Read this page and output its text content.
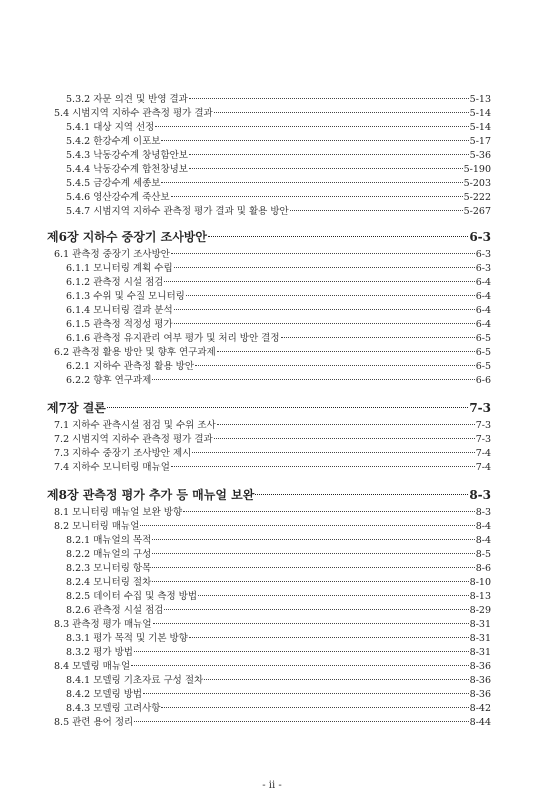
5.3.2 자문 의견 및 반영 결과	5-13
5.4 시범지역 지하수 관측정 평가 결과	5-14
5.4.1 대상 지역 선정	5-14
5.4.2 한강수계 이포보	5-17
5.4.3 낙동강수계 창녕함안보	5-36
5.4.4 낙동강수계 합천창녕보	5-190
5.4.5 금강수계 세종보	5-203
5.4.6 영산강수계 죽산보	5-222
5.4.7 시범지역 지하수 관측정 평가 결과 및 활용 방안	5-267
제6장 지하수 중장기 조사방안	6-3
6.1 관측정 중장기 조사방안	6-3
6.1.1 모니터링 계획 수립	6-3
6.1.2 관측정 시설 점검	6-4
6.1.3 수위 및 수질 모니터링	6-4
6.1.4 모니터링 결과 분석	6-4
6.1.5 관측정 적정성 평가	6-4
6.1.6 관측정 유지관리 여부 평가 및 처리 방안 결정	6-5
6.2 관측정 활용 방안 및 향후 연구과제	6-5
6.2.1 지하수 관측정 활용 방안	6-5
6.2.2 향후 연구과제	6-6
제7장 결론	7-3
7.1 지하수 관측시설 점검 및 수위 조사	7-3
7.2 시범지역 지하수 관측정 평가 결과	7-3
7.3 지하수 중장기 조사방안 제시	7-4
7.4 지하수 모니터링 매뉴얼	7-4
제8장 관측정 평가 추가 등 매뉴얼 보완	8-3
8.1 모니터링 매뉴얼 보완 방향	8-3
8.2 모니터링 매뉴얼	8-4
8.2.1 매뉴얼의 목적	8-4
8.2.2 매뉴얼의 구성	8-5
8.2.3 모니터링 항목	8-6
8.2.4 모니터링 절차	8-10
8.2.5 데이터 수집 및 측정 방법	8-13
8.2.6 관측정 시설 점검	8-29
8.3 관측정 평가 매뉴얼	8-31
8.3.1 평가 목적 및 기본 방향	8-31
8.3.2 평가 방법	8-31
8.4 모델링 매뉴얼	8-36
8.4.1 모델링 기초자료 구성 절차	8-36
8.4.2 모델링 방법	8-36
8.4.3 모델링 고려사항	8-42
8.5 관련 용어 정리	8-44
- ii -
